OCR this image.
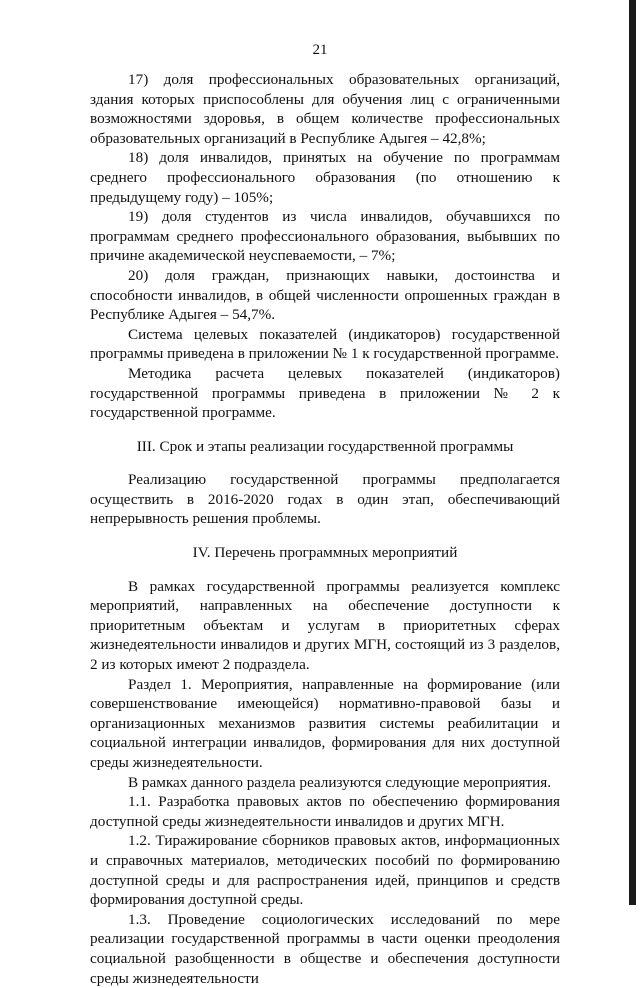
21

17) доля профессиональных образовательных организаций, здания которых приспособлены для обучения лиц с ограниченными возможностями здоровья, в общем количестве профессиональных образовательных организаций в Республике Адыгея – 42,8%;

18) доля инвалидов, принятых на обучение по программам среднего профессионального образования (по отношению к предыдущему году) – 105%;

19) доля студентов из числа инвалидов, обучавшихся по программам среднего профессионального образования, выбывших по причине академической неуспеваемости, – 7%;

20) доля граждан, признающих навыки, достоинства и способности инвалидов, в общей численности опрошенных граждан в Республике Адыгея – 54,7%.

Система целевых показателей (индикаторов) государственной программы приведена в приложении № 1 к государственной программе.

Методика расчета целевых показателей (индикаторов) государственной программы приведена в приложении № 2 к государственной программе.

III. Срок и этапы реализации государственной программы

Реализацию государственной программы предполагается осуществить в 2016-2020 годах в один этап, обеспечивающий непрерывность решения проблемы.

IV. Перечень программных мероприятий

В рамках государственной программы реализуется комплекс мероприятий, направленных на обеспечение доступности к приоритетным объектам и услугам в приоритетных сферах жизнедеятельности инвалидов и других МГН, состоящий из 3 разделов, 2 из которых имеют 2 подраздела.

Раздел 1. Мероприятия, направленные на формирование (или совершенствование имеющейся) нормативно-правовой базы и организационных механизмов развития системы реабилитации и социальной интеграции инвалидов, формирования для них доступной среды жизнедеятельности.

В рамках данного раздела реализуются следующие мероприятия.

1.1. Разработка правовых актов по обеспечению формирования доступной среды жизнедеятельности инвалидов и других МГН.

1.2. Тиражирование сборников правовых актов, информационных и справочных материалов, методических пособий по формированию доступной среды и для распространения идей, принципов и средств формирования доступной среды.

1.3. Проведение социологических исследований по мере реализации государственной программы в части оценки преодоления социальной разобщенности в обществе и обеспечения доступности среды жизнедеятельности
